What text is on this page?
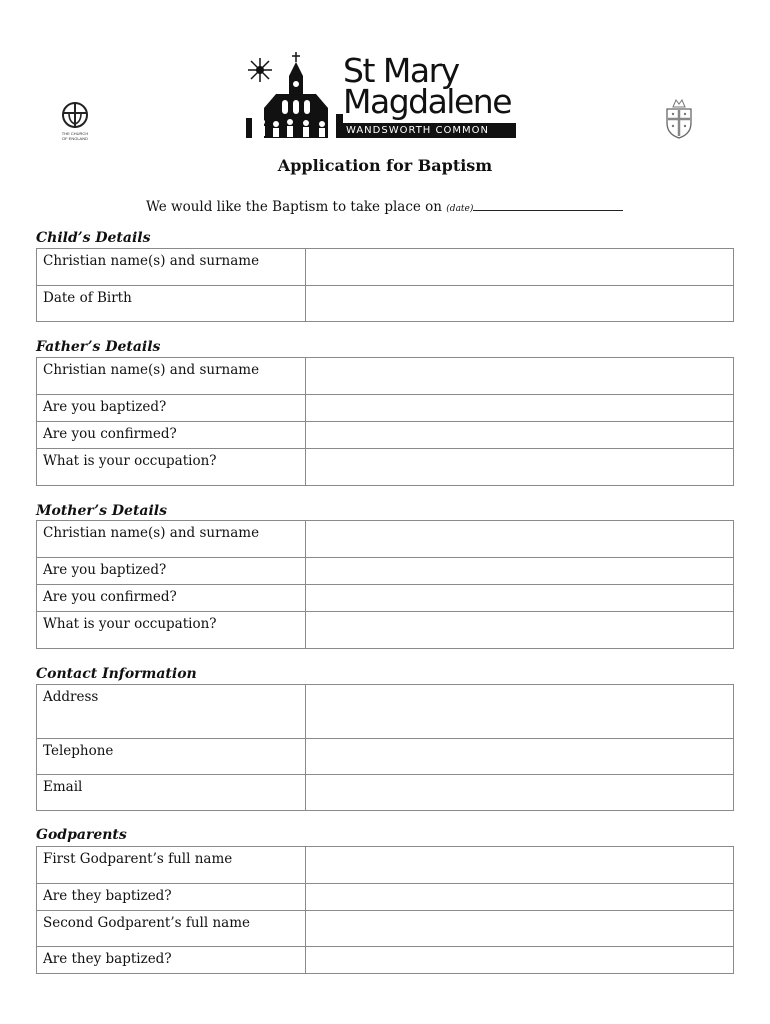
THE CHURCH
OF ENGLAND
St Mary
Magdalene
WANDSWORTH COMMON
Application for Baptism
We would like the Baptism to take place on (date)
Child’s Details
Christian name(s) and surname	
Date of Birth	
Father’s Details
Christian name(s) and surname	
Are you baptized?	
Are you confirmed?	
What is your occupation?	
Mother’s Details
Christian name(s) and surname	
Are you baptized?	
Are you confirmed?	
What is your occupation?	
Contact Information
Address	
Telephone	
Email	
Godparents
First Godparent’s full name	
Are they baptized?	
Second Godparent’s full name	
Are they baptized?	
